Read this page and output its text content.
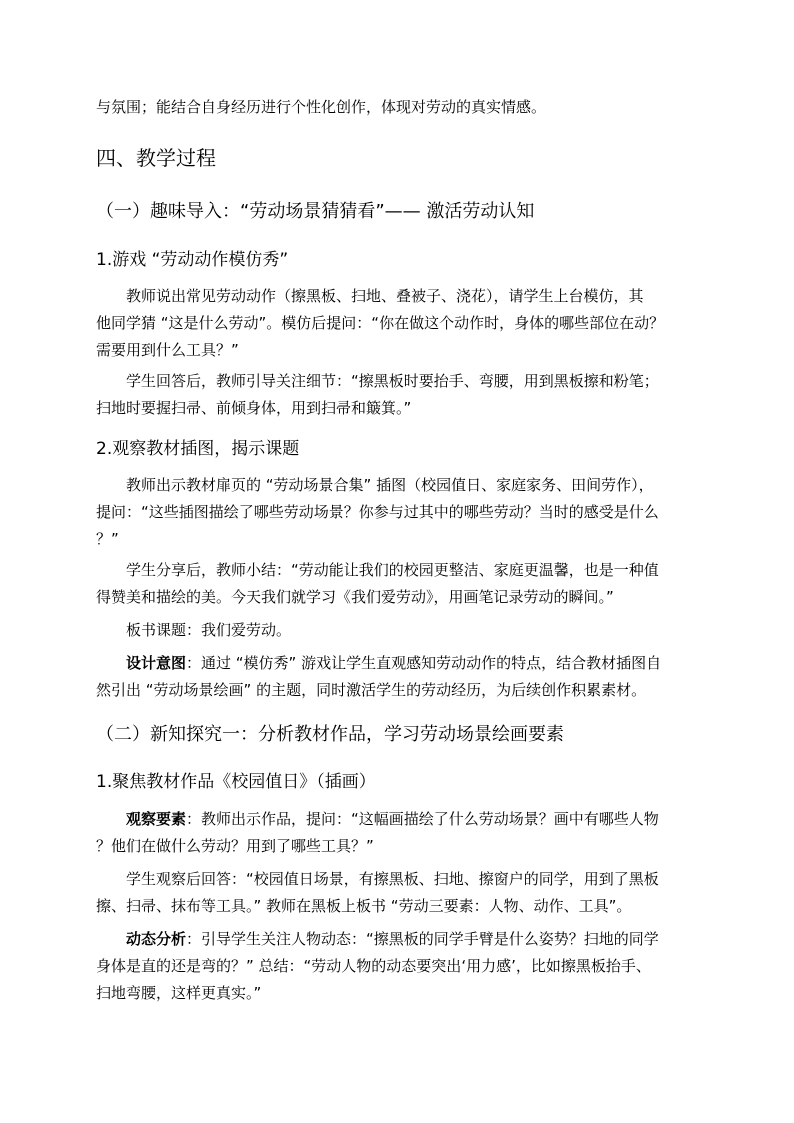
与氛围；能结合自身经历进行个性化创作，体现对劳动的真实情感。
四、教学过程
（一）趣味导入：“劳动场景猜猜看”—— 激活劳动认知
1.游戏 “劳动动作模仿秀”
教师说出常见劳动动作（擦黑板、扫地、叠被子、浇花），请学生上台模仿，其
他同学猜 “这是什么劳动”。模仿后提问：“你在做这个动作时，身体的哪些部位在动？
需要用到什么工具？”
学生回答后，教师引导关注细节：“擦黑板时要抬手、弯腰，用到黑板擦和粉笔；
扫地时要握扫帚、前倾身体，用到扫帚和簸箕。”
2.观察教材插图，揭示课题
教师出示教材扉页的 “劳动场景合集” 插图（校园值日、家庭家务、田间劳作），
提问：“这些插图描绘了哪些劳动场景？你参与过其中的哪些劳动？当时的感受是什么
？”
学生分享后，教师小结：“劳动能让我们的校园更整洁、家庭更温馨，也是一种值
得赞美和描绘的美。今天我们就学习《我们爱劳动》，用画笔记录劳动的瞬间。”
板书课题：我们爱劳动。
设计意图：通过 “模仿秀” 游戏让学生直观感知劳动动作的特点，结合教材插图自
然引出 “劳动场景绘画” 的主题，同时激活学生的劳动经历，为后续创作积累素材。
（二）新知探究一：分析教材作品，学习劳动场景绘画要素
1.聚焦教材作品《校园值日》（插画）
观察要素：教师出示作品，提问：“这幅画描绘了什么劳动场景？画中有哪些人物
？他们在做什么劳动？用到了哪些工具？”
学生观察后回答：“校园值日场景，有擦黑板、扫地、擦窗户的同学，用到了黑板
擦、扫帚、抹布等工具。” 教师在黑板上板书 “劳动三要素：人物、动作、工具”。
动态分析：引导学生关注人物动态：“擦黑板的同学手臂是什么姿势？扫地的同学
身体是直的还是弯的？” 总结：“劳动人物的动态要突出‘用力感’，比如擦黑板抬手、
扫地弯腰，这样更真实。”
